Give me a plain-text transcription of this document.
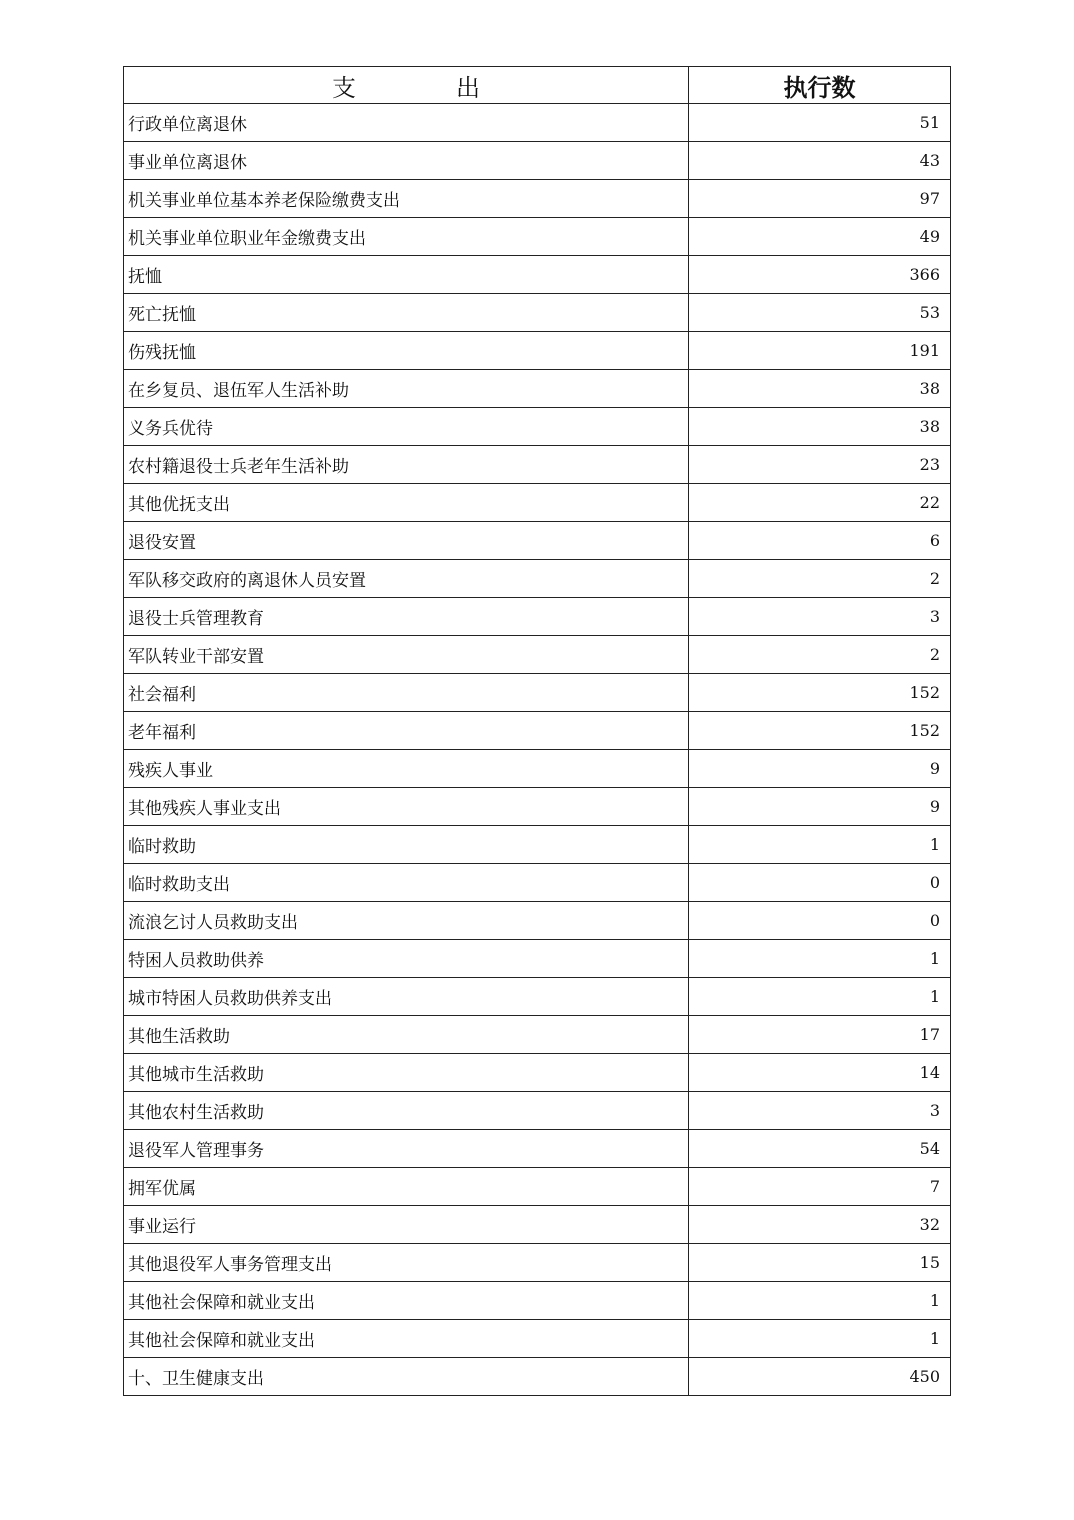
支 出	执行数
行政单位离退休	51
事业单位离退休	43
机关事业单位基本养老保险缴费支出	97
机关事业单位职业年金缴费支出	49
抚恤	366
死亡抚恤	53
伤残抚恤	191
在乡复员、退伍军人生活补助	38
义务兵优待	38
农村籍退役士兵老年生活补助	23
其他优抚支出	22
退役安置	6
军队移交政府的离退休人员安置	2
退役士兵管理教育	3
军队转业干部安置	2
社会福利	152
老年福利	152
残疾人事业	9
其他残疾人事业支出	9
临时救助	1
临时救助支出	0
流浪乞讨人员救助支出	0
特困人员救助供养	1
城市特困人员救助供养支出	1
其他生活救助	17
其他城市生活救助	14
其他农村生活救助	3
退役军人管理事务	54
拥军优属	7
事业运行	32
其他退役军人事务管理支出	15
其他社会保障和就业支出	1
其他社会保障和就业支出	1
十、卫生健康支出	450
